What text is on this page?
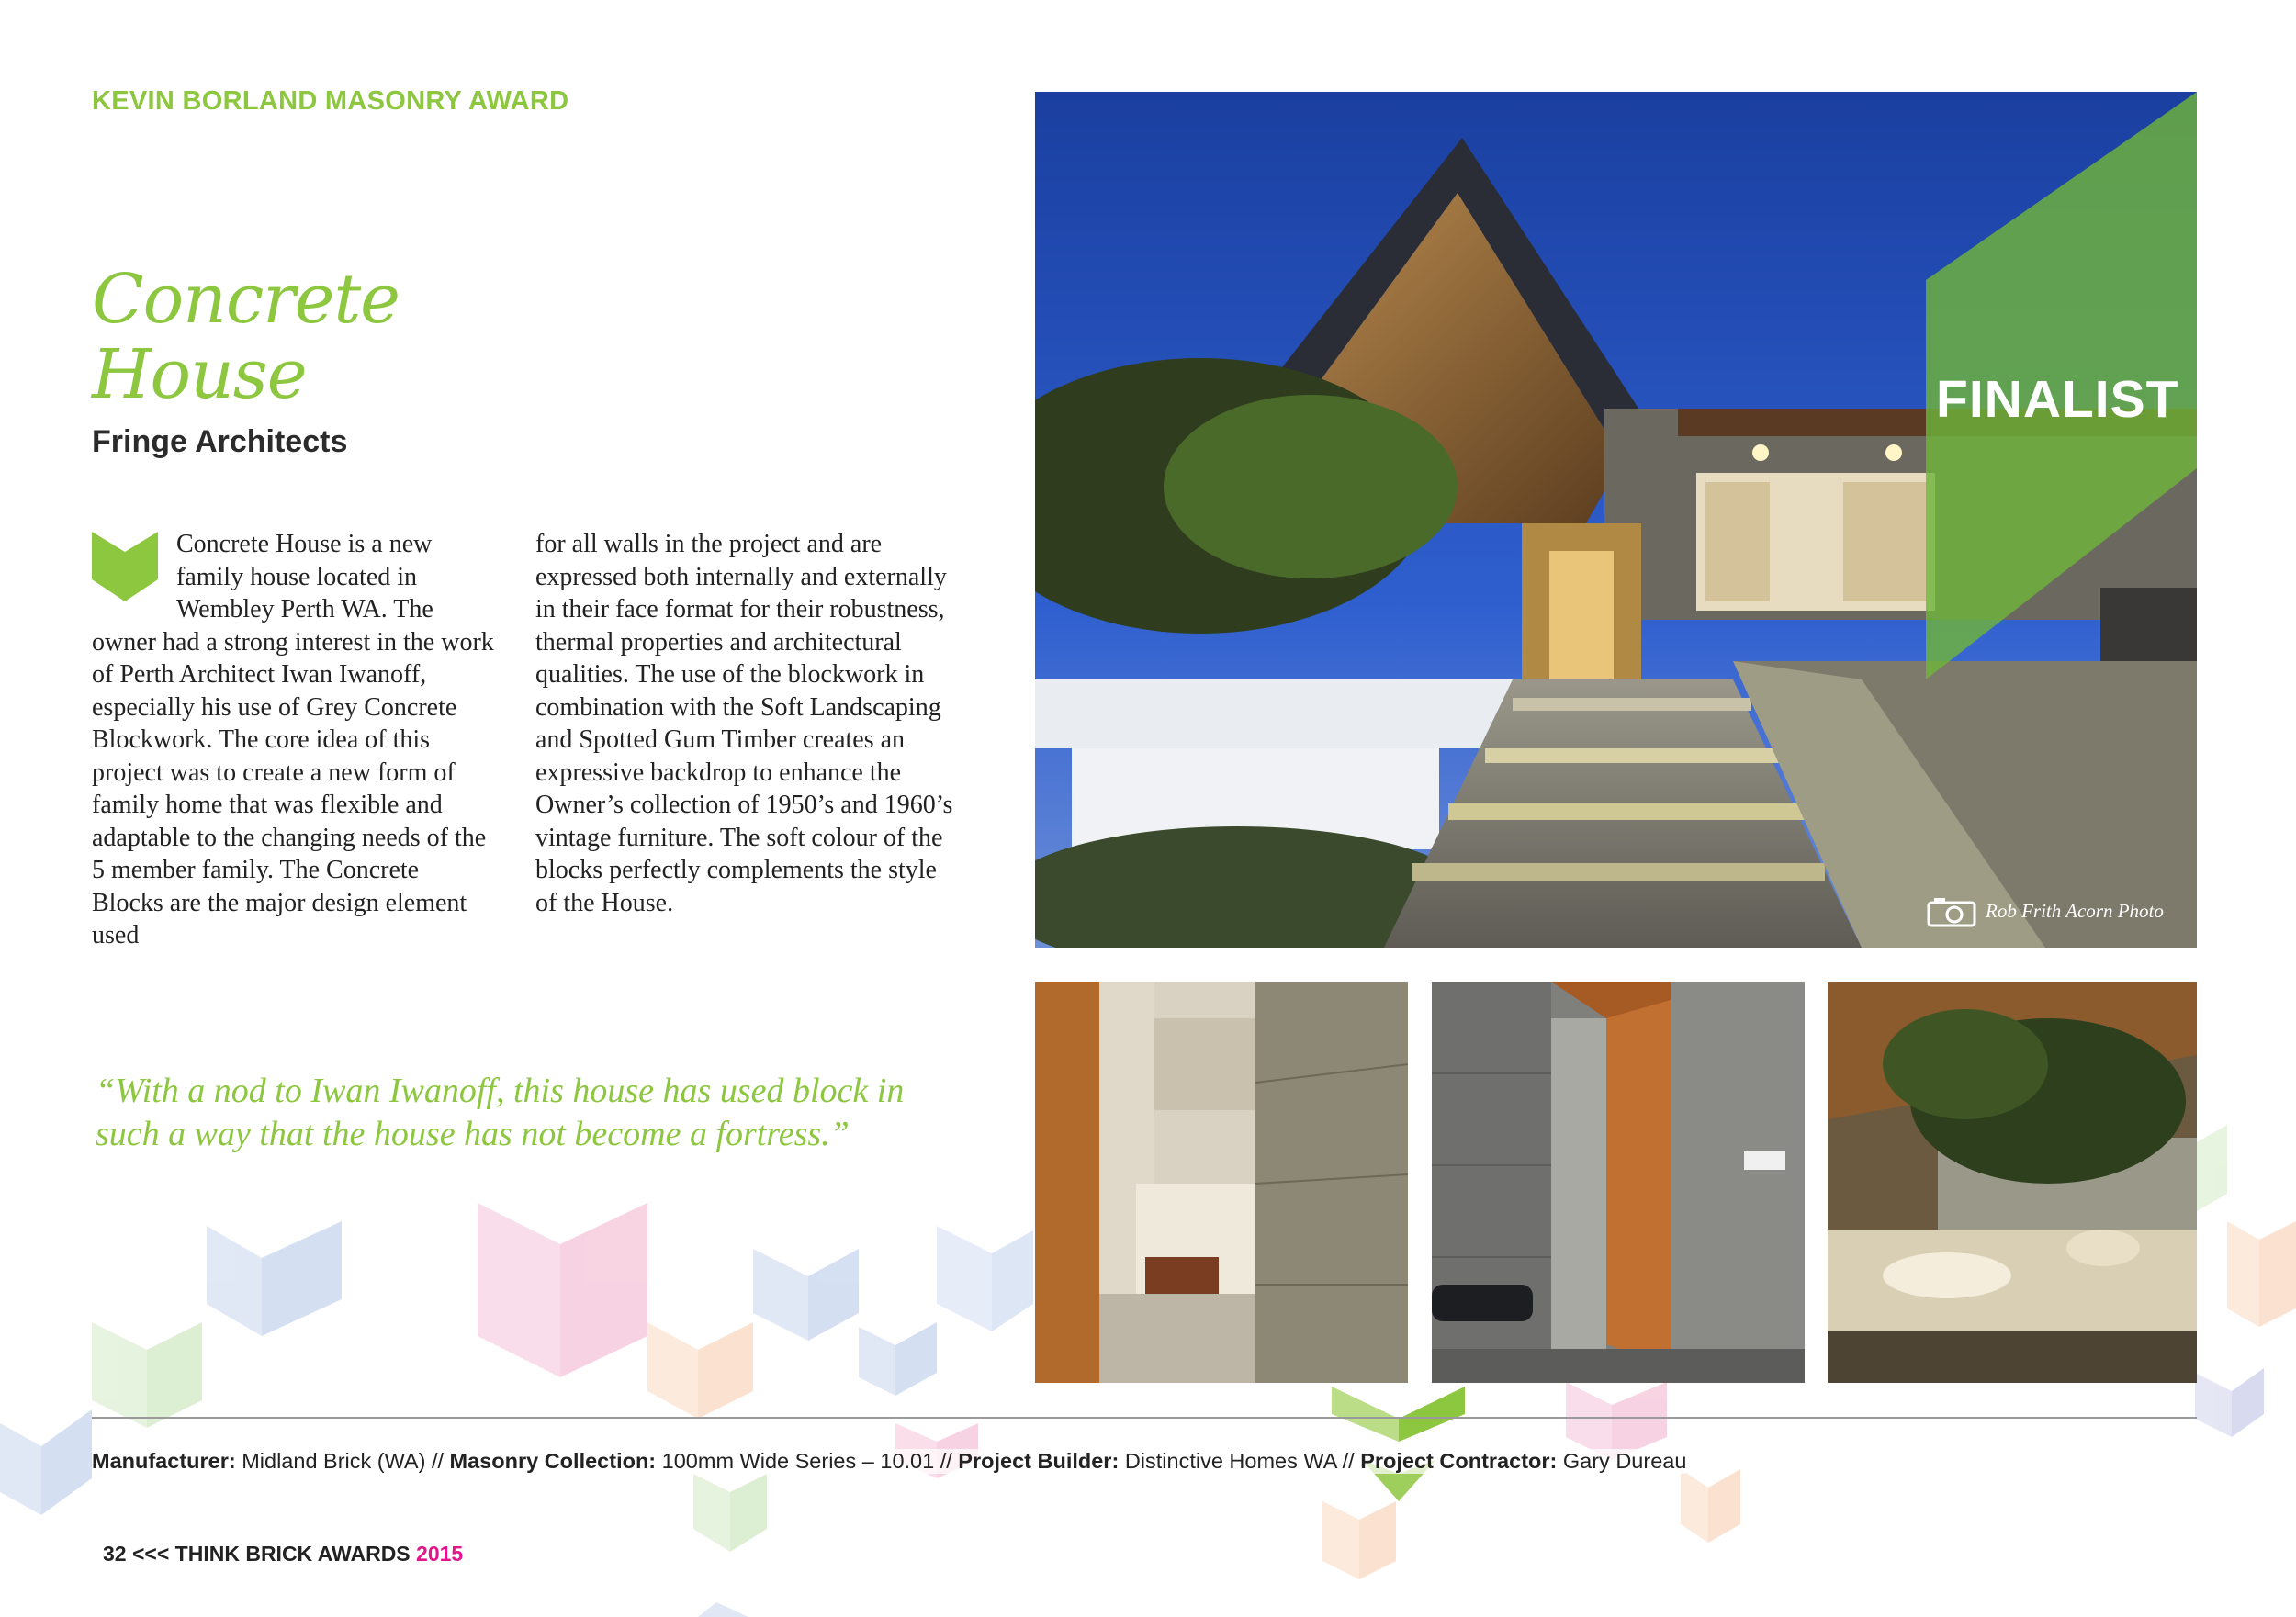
KEVIN BORLAND MASONRY AWARD
Concrete
House
Fringe Architects
Concrete House is a new family house located in Wembley Perth WA. The owner had a strong interest in the work of Perth Architect Iwan Iwanoff, especially his use of Grey Concrete Blockwork. The core idea of this project was to create a new form of family home that was flexible and adaptable to the changing needs of the 5 member family. The Concrete Blocks are the major design element used
for all walls in the project and are expressed both internally and externally in their face format for their robustness, thermal properties and architectural qualities. The use of the blockwork in combination with the Soft Landscaping and Spotted Gum Timber creates an expressive backdrop to enhance the Owner’s collection of 1950’s and 1960’s vintage furniture. The soft colour of the blocks perfectly complements the style of the House.
“With a nod to Iwan Iwanoff, this house has used block in such a way that the house has not become a fortress.”
FINALIST
Rob Frith Acorn Photo
Manufacturer: Midland Brick (WA) // Masonry Collection: 100mm Wide Series – 10.01 // Project Builder: Distinctive Homes WA // Project Contractor: Gary Dureau
32 <<< THINK BRICK AWARDS 2015
